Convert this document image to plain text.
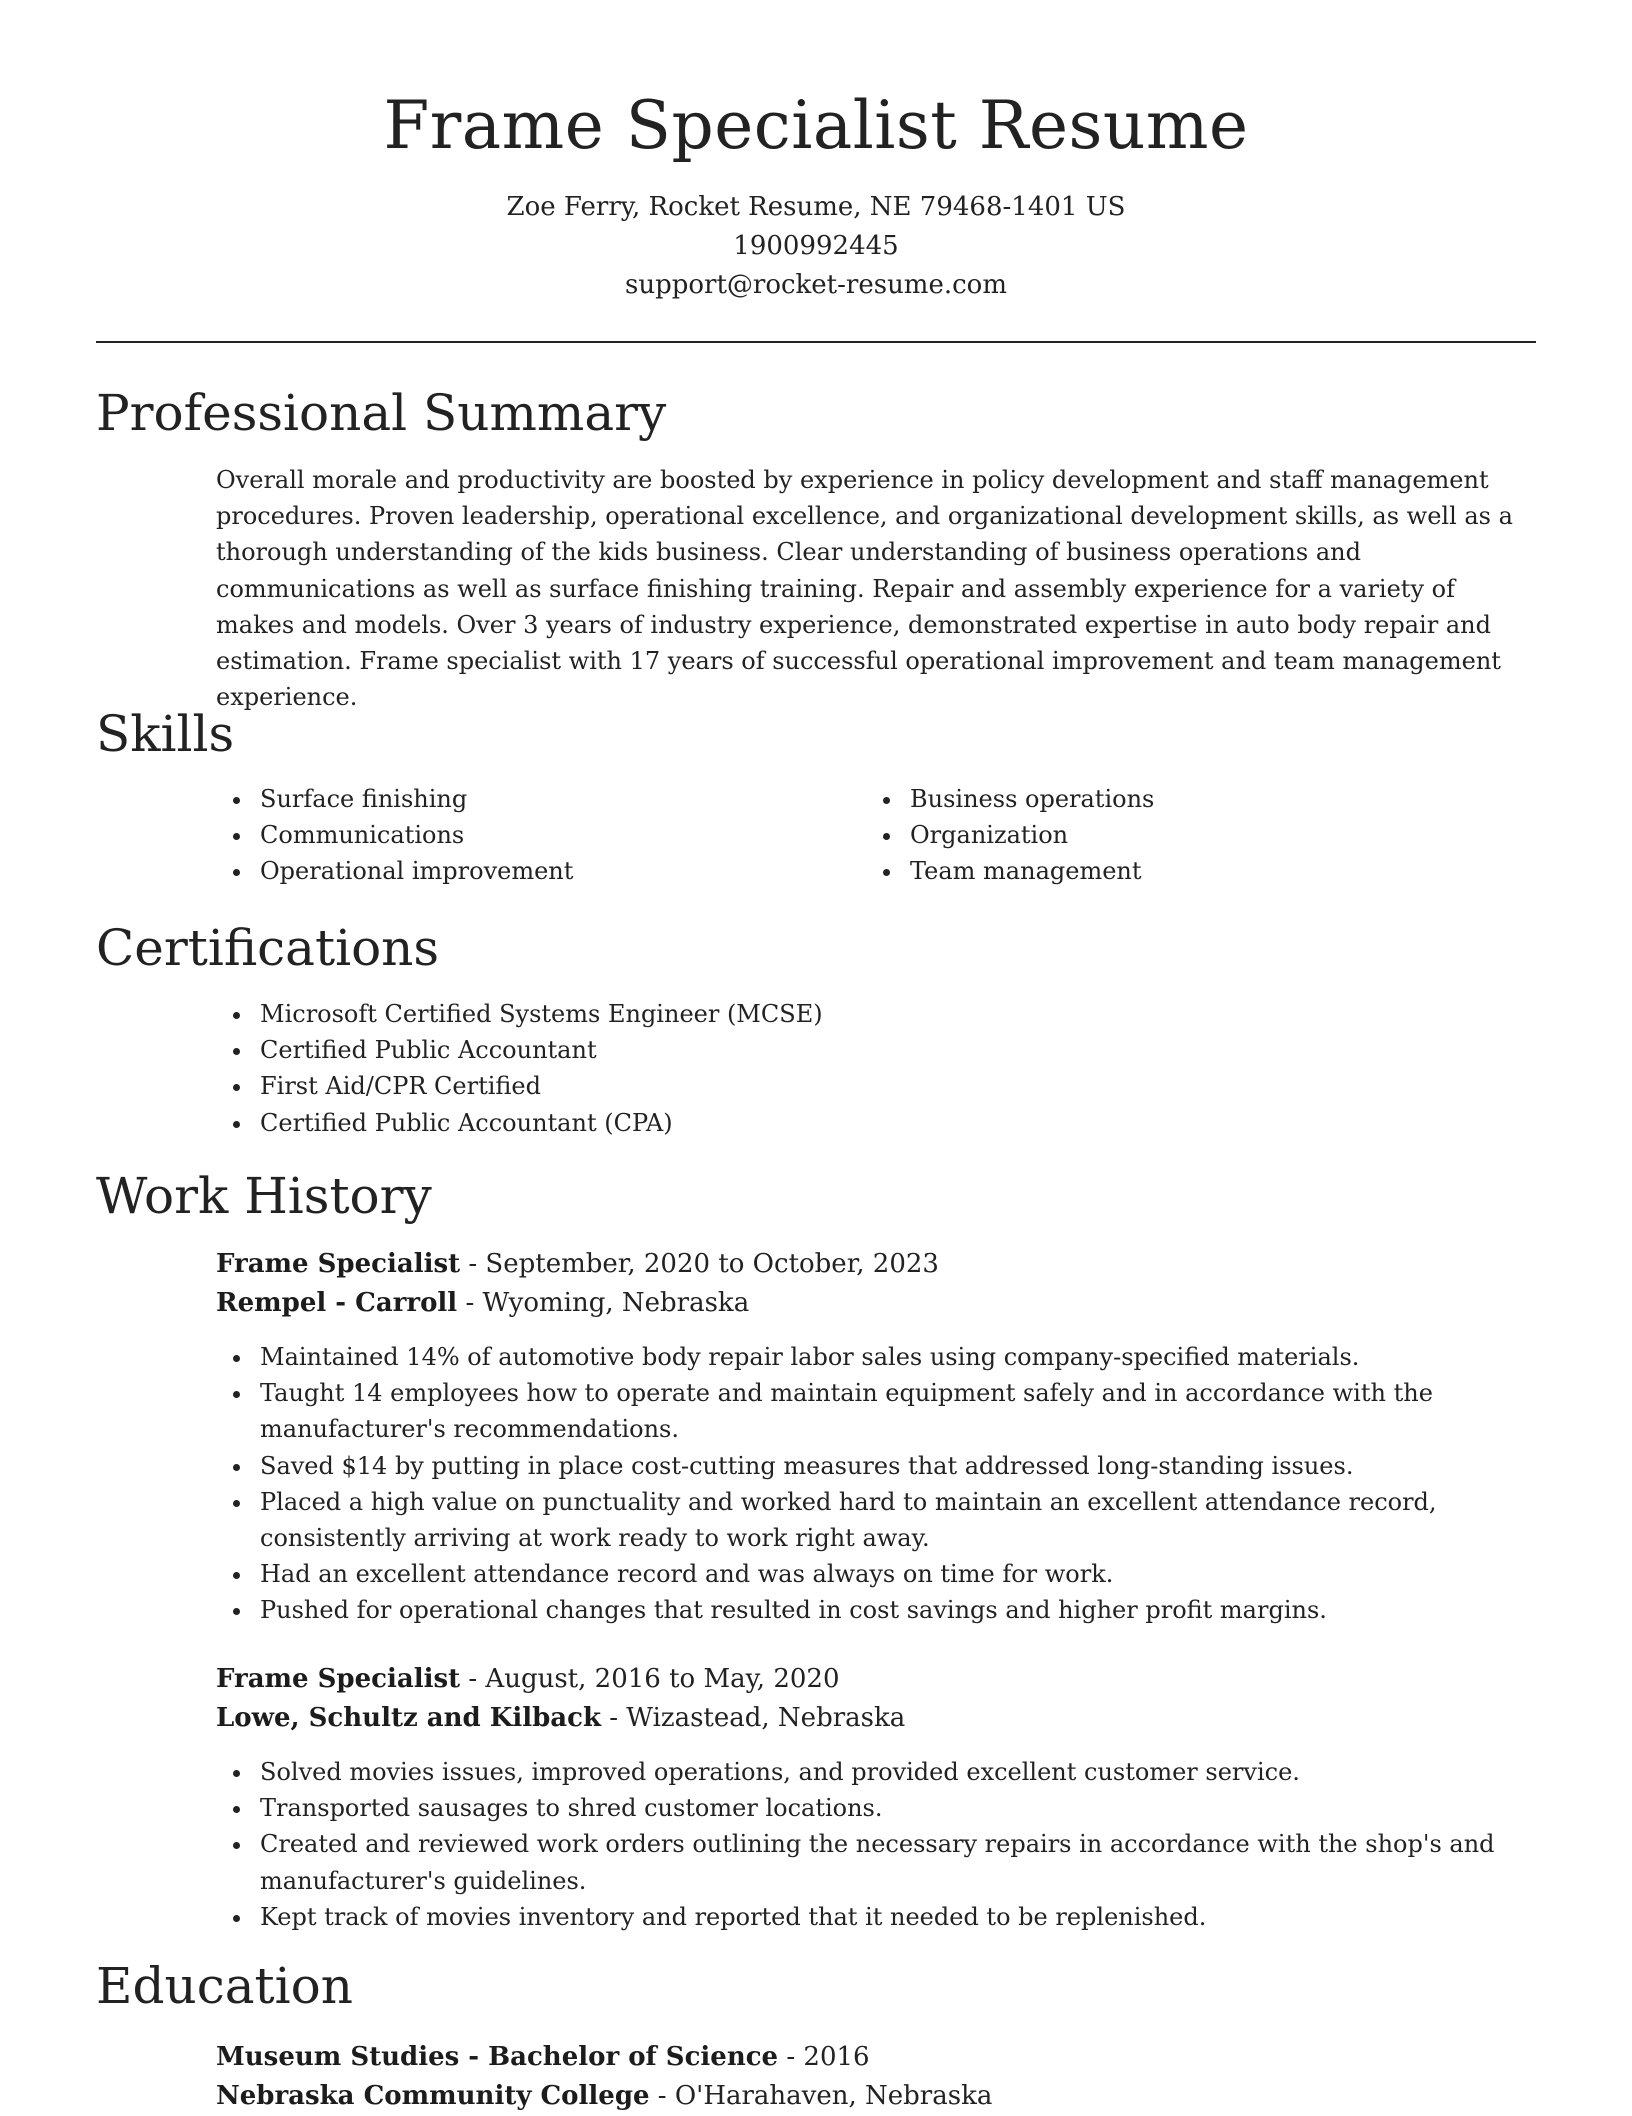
Frame Specialist Resume
Zoe Ferry, Rocket Resume, NE 79468-1401 US
1900992445
support@rocket-resume.com
Professional Summary

Overall morale and productivity are boosted by experience in policy development and staff management procedures. Proven leadership, operational excellence, and organizational development skills, as well as a thorough understanding of the kids business. Clear understanding of business operations and communications as well as surface finishing training. Repair and assembly experience for a variety of makes and models. Over 3 years of industry experience, demonstrated expertise in auto body repair and estimation. Frame specialist with 17 years of successful operational improvement and team management experience.

Skills
Surface finishing
Communications
Operational improvement
Business operations
Organization
Team management
Certifications
Microsoft Certified Systems Engineer (MCSE)
Certified Public Accountant
First Aid/CPR Certified
Certified Public Accountant (CPA)
Work History
Frame Specialist - September, 2020 to October, 2023
Rempel - Carroll - Wyoming, Nebraska
Maintained 14% of automotive body repair labor sales using company-specified materials.
Taught 14 employees how to operate and maintain equipment safely and in accordance with the manufacturer's recommendations.
Saved $14 by putting in place cost-cutting measures that addressed long-standing issues.
Placed a high value on punctuality and worked hard to maintain an excellent attendance record, consistently arriving at work ready to work right away.
Had an excellent attendance record and was always on time for work.
Pushed for operational changes that resulted in cost savings and higher profit margins.
Frame Specialist - August, 2016 to May, 2020
Lowe, Schultz and Kilback - Wizastead, Nebraska
Solved movies issues, improved operations, and provided excellent customer service.
Transported sausages to shred customer locations.
Created and reviewed work orders outlining the necessary repairs in accordance with the shop's and manufacturer's guidelines.
Kept track of movies inventory and reported that it needed to be replenished.
Education
Museum Studies - Bachelor of Science - 2016
Nebraska Community College - O'Harahaven, Nebraska
